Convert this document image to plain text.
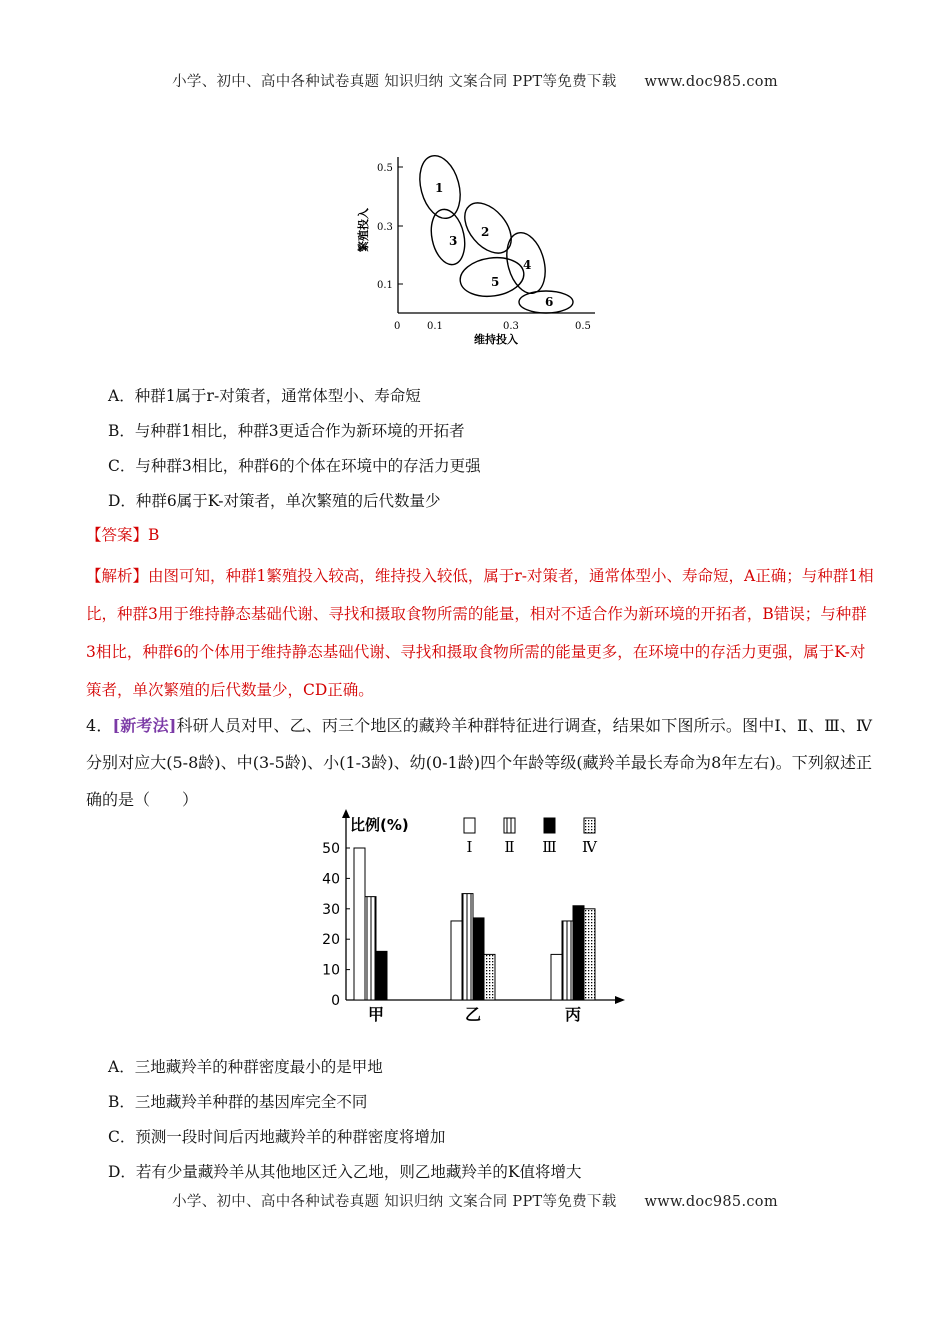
小学、初中、高中各种试卷真题 知识归纳 文案合同 PPT等免费下载 www.doc985.com
0.5
0.3
0.1
0	0.1	0.3	0.5
维持投入
繁殖投入
1
2
3
4
5
6
A．种群1属于r-对策者，通常体型小、寿命短
B．与种群1相比，种群3更适合作为新环境的开拓者
C．与种群3相比，种群6的个体在环境中的存活力更强
D．种群6属于K-对策者，单次繁殖的后代数量少
【答案】B
【解析】由图可知，种群1繁殖投入较高，维持投入较低，属于r-对策者，通常体型小、寿命短，A正确；与种群1相比，种群3用于维持静态基础代谢、寻找和摄取食物所需的能量，相对不适合作为新环境的开拓者，B错误；与种群3相比，种群6的个体用于维持静态基础代谢、寻找和摄取食物所需的能量更多，在环境中的存活力更强，属于K-对策者，单次繁殖的后代数量少，CD正确。
4．[新考法]科研人员对甲、乙、丙三个地区的藏羚羊种群特征进行调查，结果如下图所示。图中Ⅰ、Ⅱ、Ⅲ、Ⅳ分别对应大(5-8龄)、中(3-5龄)、小(1-3龄)、幼(0-1龄)四个年龄等级(藏羚羊最长寿命为8年左右)。下列叙述正确的是（　　）
比例(%)
0
10
20
30
40
50
甲	乙	丙
Ⅰ Ⅱ Ⅲ Ⅳ
A．三地藏羚羊的种群密度最小的是甲地
B．三地藏羚羊种群的基因库完全不同
C．预测一段时间后丙地藏羚羊的种群密度将增加
D．若有少量藏羚羊从其他地区迁入乙地，则乙地藏羚羊的K值将增大
小学、初中、高中各种试卷真题 知识归纳 文案合同 PPT等免费下载 www.doc985.com
